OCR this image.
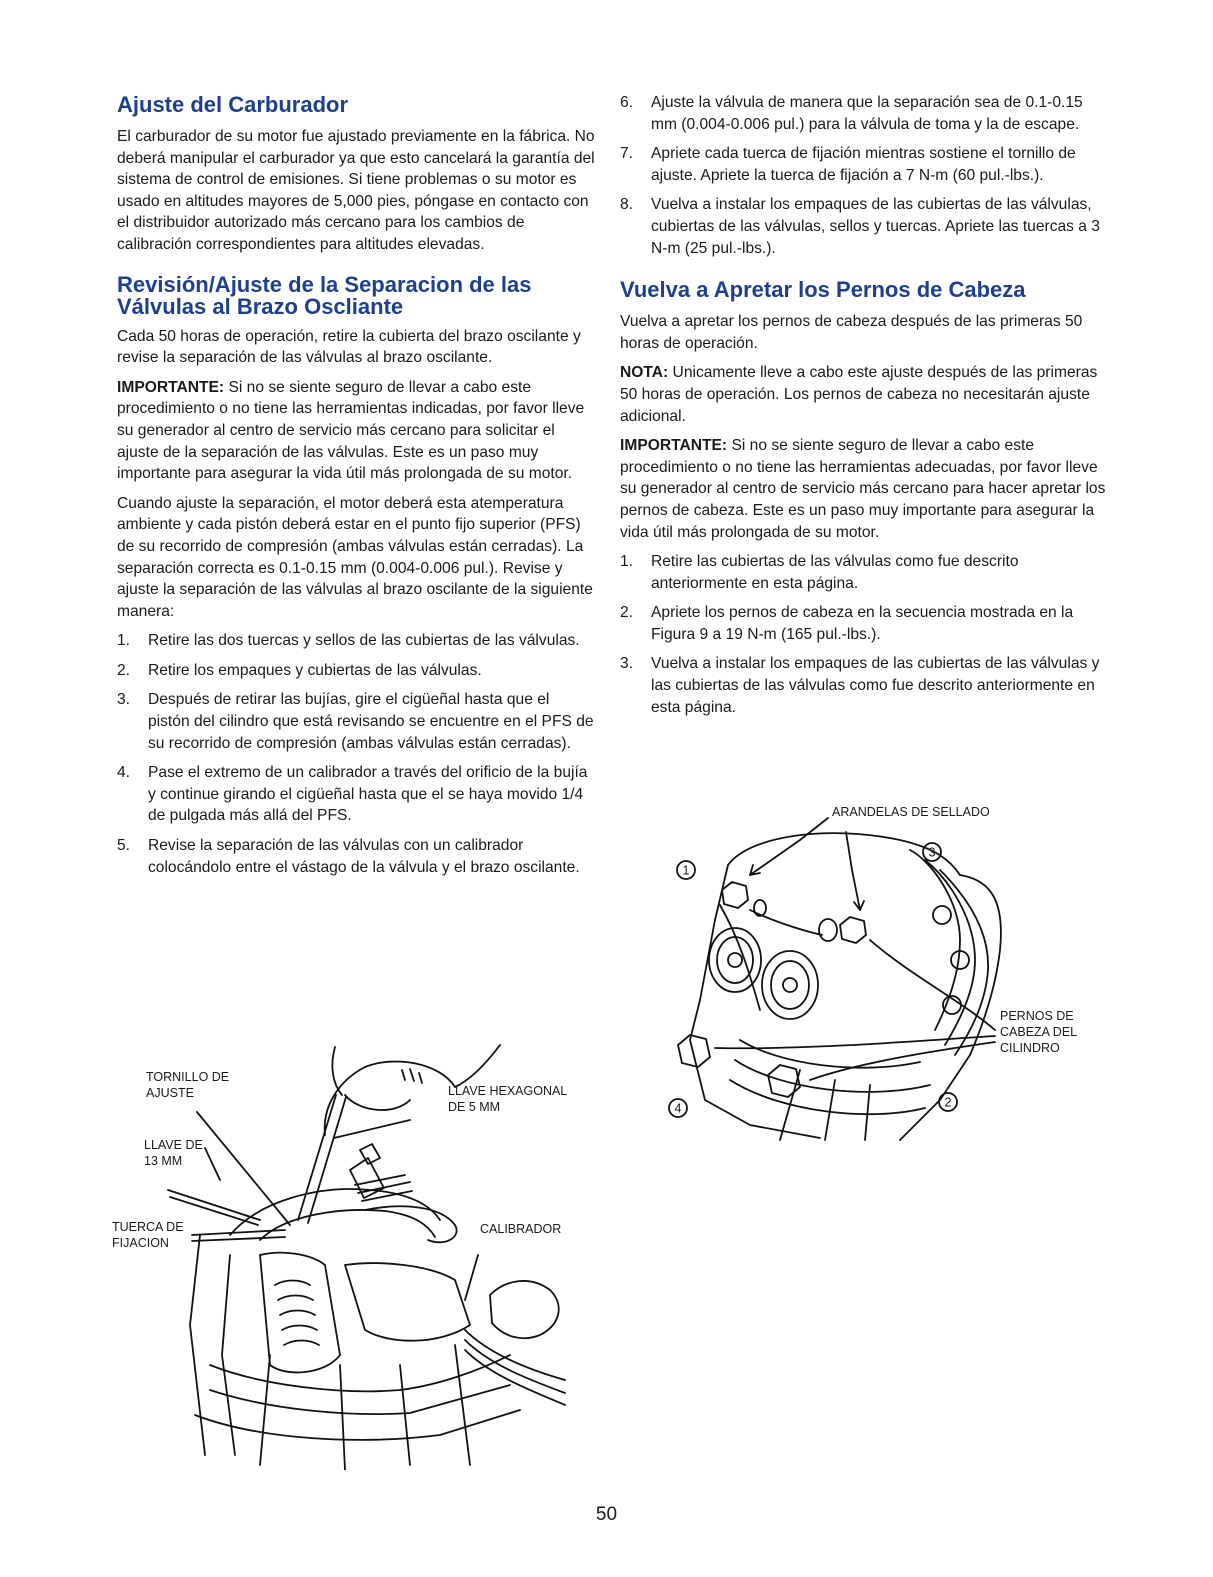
Ajuste del Carburador

El carburador de su motor fue ajustado previamente en la fábrica. No deberá manipular el carburador ya que esto cancelará la garantía del sistema de control de emisiones. Si tiene problemas o su motor es usado en altitudes mayores de 5,000 pies, póngase en contacto con el distribuidor autorizado más cercano para los cambios de calibración correspondientes para altitudes elevadas.

Revisión/Ajuste de la Separacion de las
Válvulas al Brazo Oscliante

Cada 50 horas de operación, retire la cubierta del brazo oscilante y revise la separación de las válvulas al brazo oscilante.

IMPORTANTE: Si no se siente seguro de llevar a cabo este procedimiento o no tiene las herramientas indicadas, por favor lleve su generador al centro de servicio más cercano para solicitar el ajuste de la separación de las válvulas. Este es un paso muy importante para asegurar la vida útil más prolongada de su motor.

Cuando ajuste la separación, el motor deberá esta atemperatura ambiente y cada pistón deberá estar en el punto fijo superior (PFS) de su recorrido de compresión (ambas válvulas están cerradas). La separación correcta es 0.1-0.15 mm (0.004-0.006 pul.). Revise y ajuste la separación de las válvulas al brazo oscilante de la siguiente manera:

1. Retire las dos tuercas y sellos de las cubiertas de las válvulas.
2. Retire los empaques y cubiertas de las válvulas.
3. Después de retirar las bujías, gire el cigüeñal hasta que el pistón del cilindro que está revisando se encuentre en el PFS de su recorrido de compresión (ambas válvulas están cerradas).
4. Pase el extremo de un calibrador a través del orificio de la bujía y continue girando el cigüeñal hasta que el se haya movido 1/4 de pulgada más allá del PFS.
5. Revise la separación de las válvulas con un calibrador colocándolo entre el vástago de la válvula y el brazo oscilante.
TORNILLO DE
AJUSTE
LLAVE DE
13 MM
TUERCA DE
FIJACION
LLAVE HEXAGONAL
DE 5 MM
CALIBRADOR
6. Ajuste la válvula de manera que la separación sea de 0.1-0.15 mm (0.004-0.006 pul.) para la válvula de toma y la de escape.
7. Apriete cada tuerca de fijación mientras sostiene el tornillo de ajuste. Apriete la tuerca de fijación a 7 N-m (60 pul.-lbs.).
8. Vuelva a instalar los empaques de las cubiertas de las válvulas, cubiertas de las válvulas, sellos y tuercas. Apriete las tuercas a 3 N-m (25 pul.-lbs.).
Vuelva a Apretar los Pernos de Cabeza

Vuelva a apretar los pernos de cabeza después de las primeras 50 horas de operación.

NOTA: Unicamente lleve a cabo este ajuste después de las primeras 50 horas de operación. Los pernos de cabeza no necesitarán ajuste adicional.

IMPORTANTE: Si no se siente seguro de llevar a cabo este procedimiento o no tiene las herramientas adecuadas, por favor lleve su generador al centro de servicio más cercano para hacer apretar los pernos de cabeza. Este es un paso muy importante para asegurar la vida útil más prolongada de su motor.

1. Retire las cubiertas de las válvulas como fue descrito anteriormente en esta página.
2. Apriete los pernos de cabeza en la secuencia mostrada en la Figura 9 a 19 N-m (165 pul.-lbs.).
3. Vuelva a instalar los empaques de las cubiertas de las válvulas y las cubiertas de las válvulas como fue descrito anteriormente en esta página.
1
3
2
4
ARANDELAS DE SELLADO
PERNOS DE
CABEZA DEL
CILINDRO
50
